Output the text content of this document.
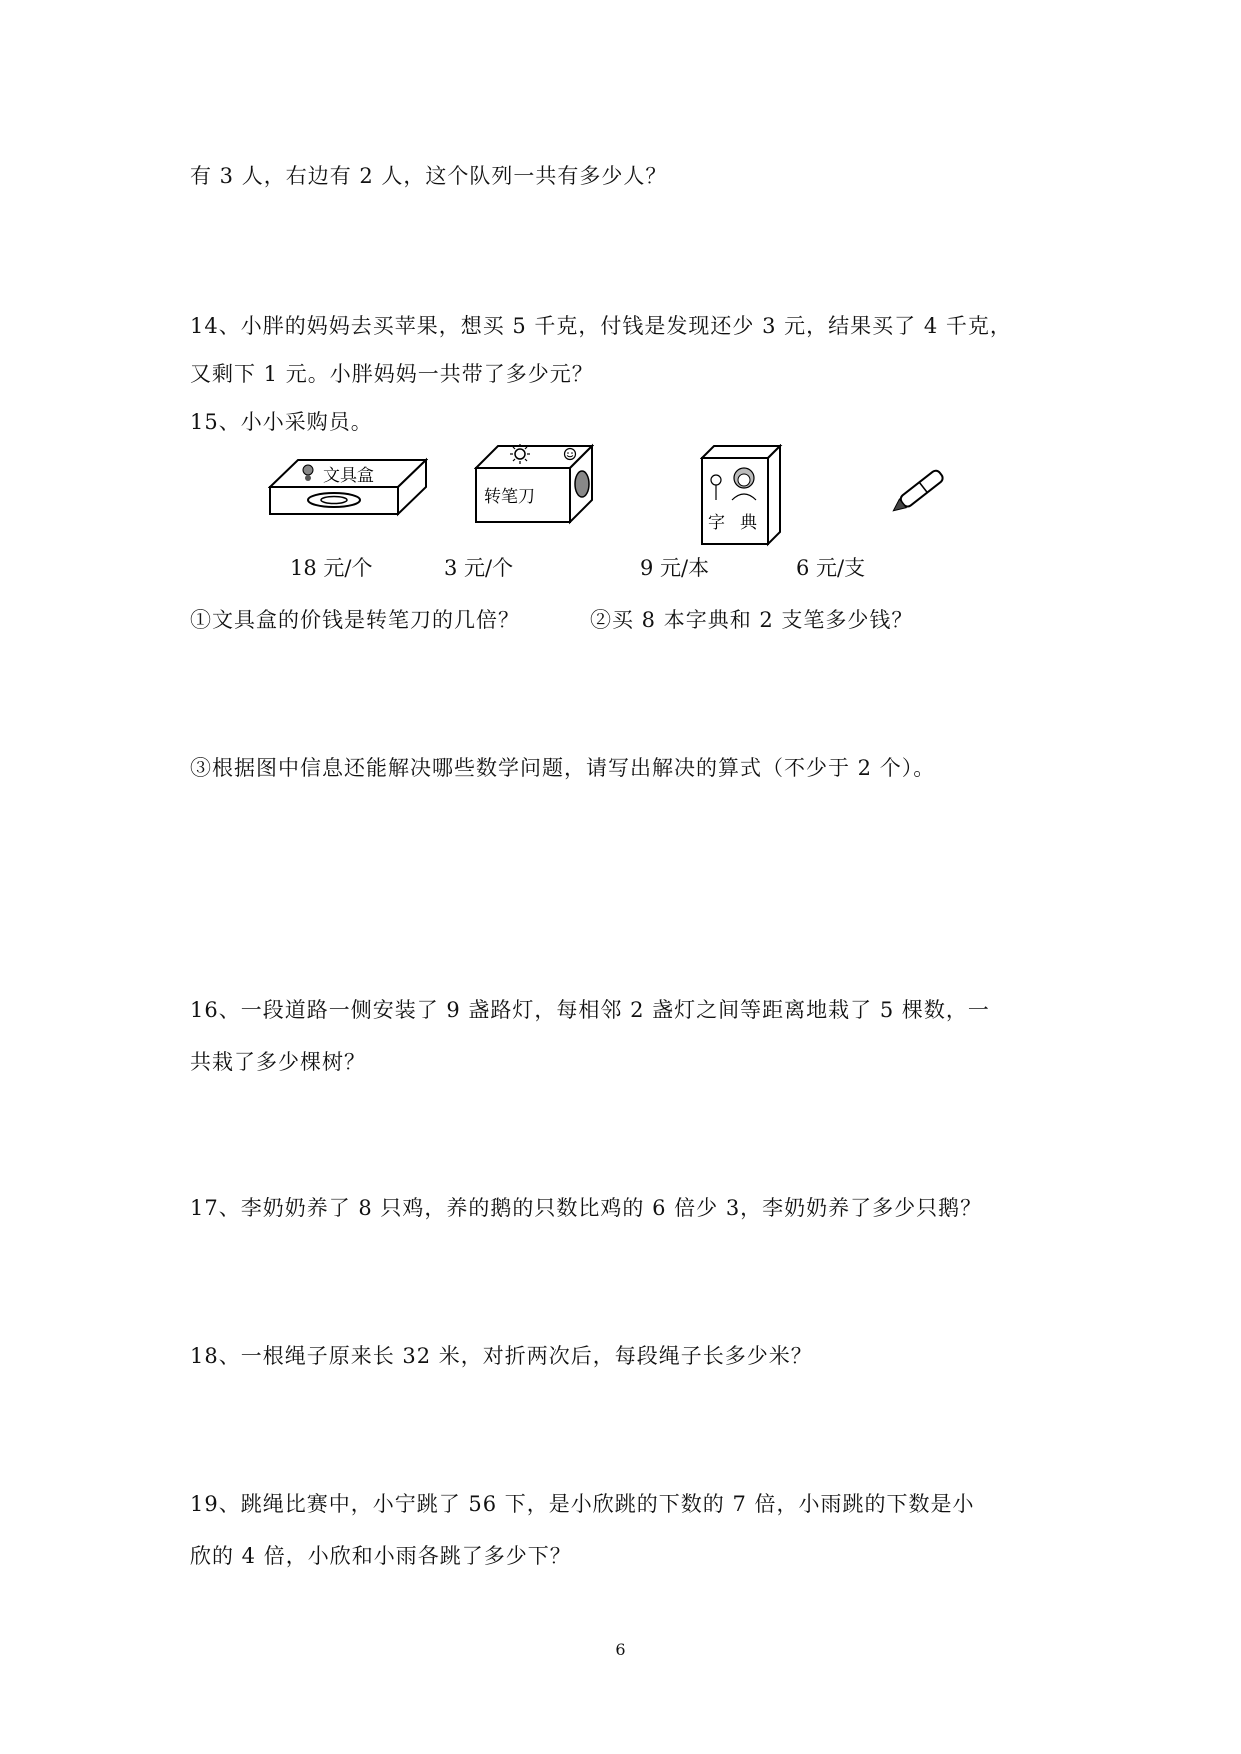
有 3 人，右边有 2 人，这个队列一共有多少人？
14、小胖的妈妈去买苹果，想买 5 千克，付钱是发现还少 3 元，结果买了 4 千克，
又剩下 1 元。小胖妈妈一共带了多少元？
15、小小采购员。
文具盒
转笔刀
字 典
18 元/个	3 元/个	9 元/本	6 元/支
①文具盒的价钱是转笔刀的几倍？	②买 8 本字典和 2 支笔多少钱？
③根据图中信息还能解决哪些数学问题，请写出解决的算式（不少于 2 个）。
16、一段道路一侧安装了 9 盏路灯，每相邻 2 盏灯之间等距离地栽了 5 棵数，一
共栽了多少棵树？
17、李奶奶养了 8 只鸡，养的鹅的只数比鸡的 6 倍少 3，李奶奶养了多少只鹅？
18、一根绳子原来长 32 米，对折两次后，每段绳子长多少米？
19、跳绳比赛中，小宁跳了 56 下，是小欣跳的下数的 7 倍，小雨跳的下数是小
欣的 4 倍，小欣和小雨各跳了多少下？
6
